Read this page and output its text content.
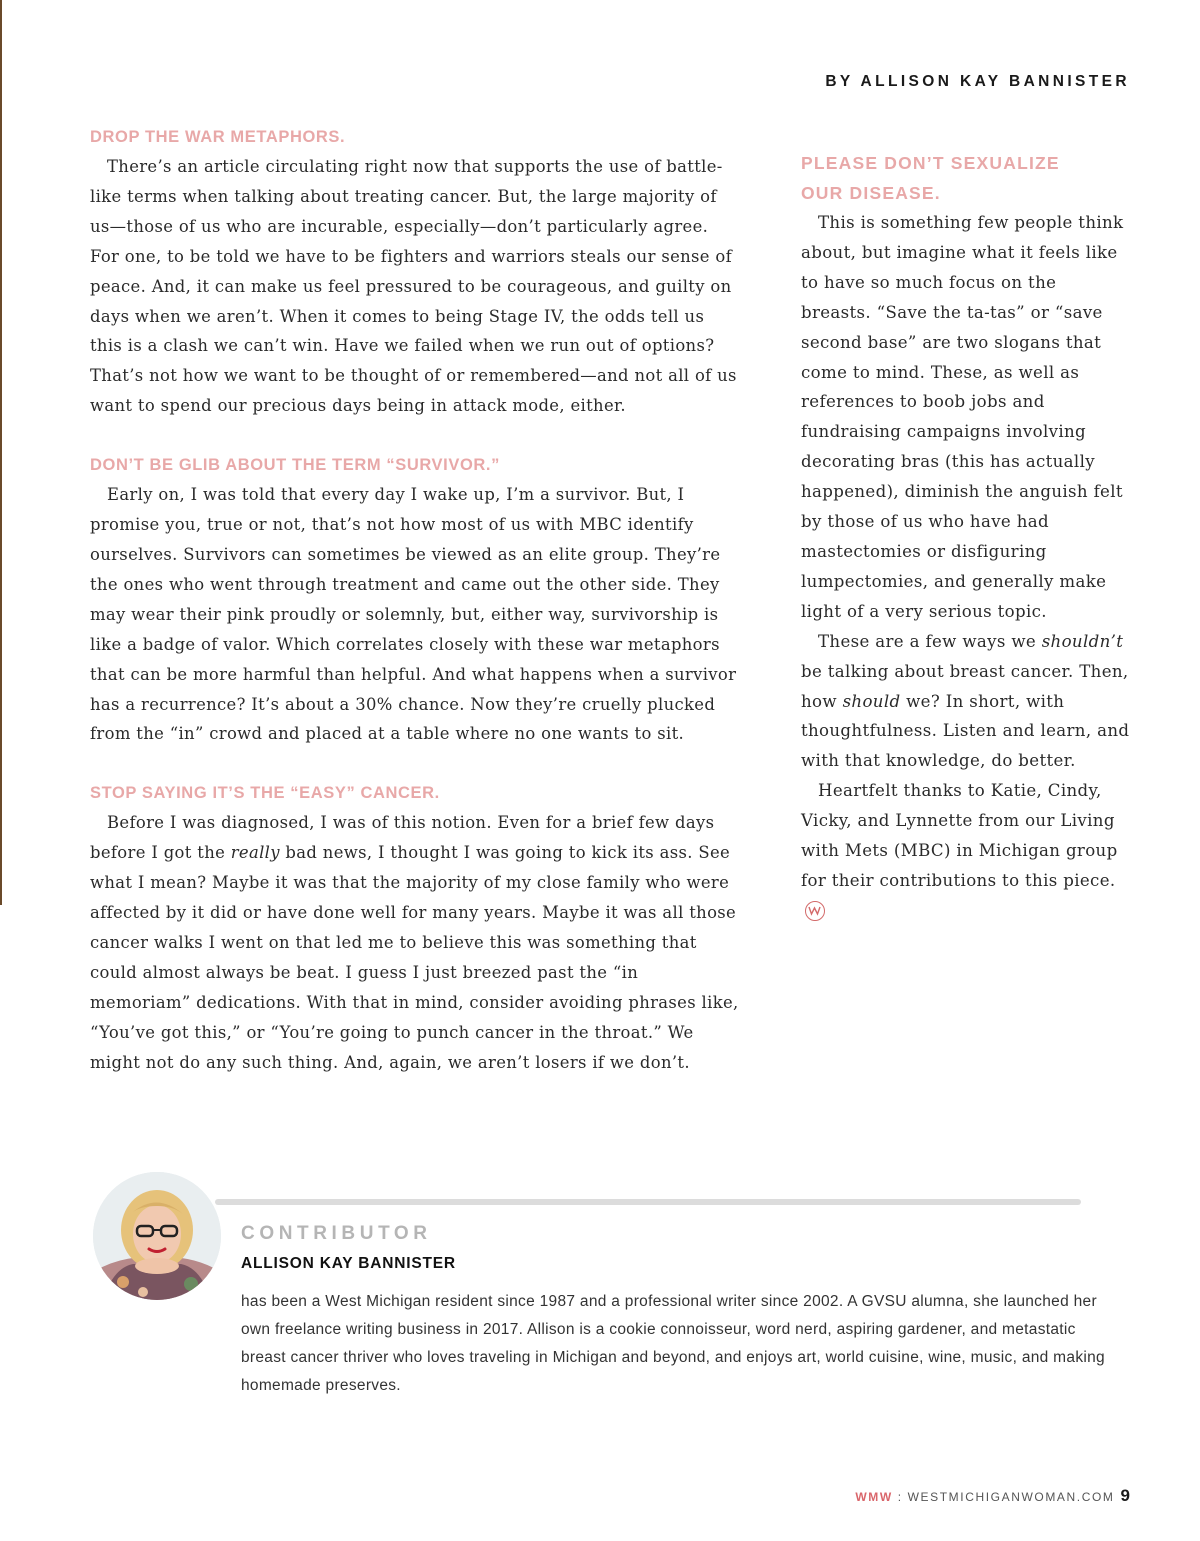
BY ALLISON KAY BANNISTER
DROP THE WAR METAPHORS.

There’s an article circulating right now that supports the use of battle-like terms when talking about treating cancer. But, the large majority of us—those of us who are incurable, especially—don’t particularly agree. For one, to be told we have to be fighters and warriors steals our sense of peace. And, it can make us feel pressured to be courageous, and guilty on days when we aren’t. When it comes to being Stage IV, the odds tell us this is a clash we can’t win. Have we failed when we run out of options? That’s not how we want to be thought of or remembered—and not all of us want to spend our precious days being in attack mode, either.

DON’T BE GLIB ABOUT THE TERM “SURVIVOR.”

Early on, I was told that every day I wake up, I’m a survivor. But, I promise you, true or not, that’s not how most of us with MBC identify ourselves. Survivors can sometimes be viewed as an elite group. They’re the ones who went through treatment and came out the other side. They may wear their pink proudly or solemnly, but, either way, survivorship is like a badge of valor. Which correlates closely with these war metaphors that can be more harmful than helpful. And what happens when a survivor has a recurrence? It’s about a 30% chance. Now they’re cruelly plucked from the “in” crowd and placed at a table where no one wants to sit.

STOP SAYING IT’S THE “EASY” CANCER.

Before I was diagnosed, I was of this notion. Even for a brief few days before I got the really bad news, I thought I was going to kick its ass. See what I mean? Maybe it was that the majority of my close family who were affected by it did or have done well for many years. Maybe it was all those cancer walks I went on that led me to believe this was something that could almost always be beat. I guess I just breezed past the “in memoriam” dedications. With that in mind, consider avoiding phrases like, “You’ve got this,” or “You’re going to punch cancer in the throat.” We might not do any such thing. And, again, we aren’t losers if we don’t.

PLEASE DON’T SEXUALIZE
OUR DISEASE.

This is something few people think about, but imagine what it feels like to have so much focus on the breasts. “Save the ta-tas” or “save second base” are two slogans that come to mind. These, as well as references to boob jobs and fundraising campaigns involving decorating bras (this has actually happened), diminish the anguish felt by those of us who have had mastectomies or disfiguring lumpectomies, and generally make light of a very serious topic.

These are a few ways we shouldn’t be talking about breast cancer. Then, how should we? In short, with thoughtfulness. Listen and learn, and with that knowledge, do better.

Heartfelt thanks to Katie, Cindy, Vicky, and Lynnette from our Living with Mets (MBC) in Michigan group for their contributions to this piece.

CONTRIBUTOR
ALLISON KAY BANNISTER

has been a West Michigan resident since 1987 and a professional writer since 2002. A GVSU alumna, she launched her own freelance writing business in 2017. Allison is a cookie connoisseur, word nerd, aspiring gardener, and metastatic breast cancer thriver who loves traveling in Michigan and beyond, and enjoys art, world cuisine, wine, music, and making homemade preserves.

WMW : WESTMICHIGANWOMAN.COM 9
